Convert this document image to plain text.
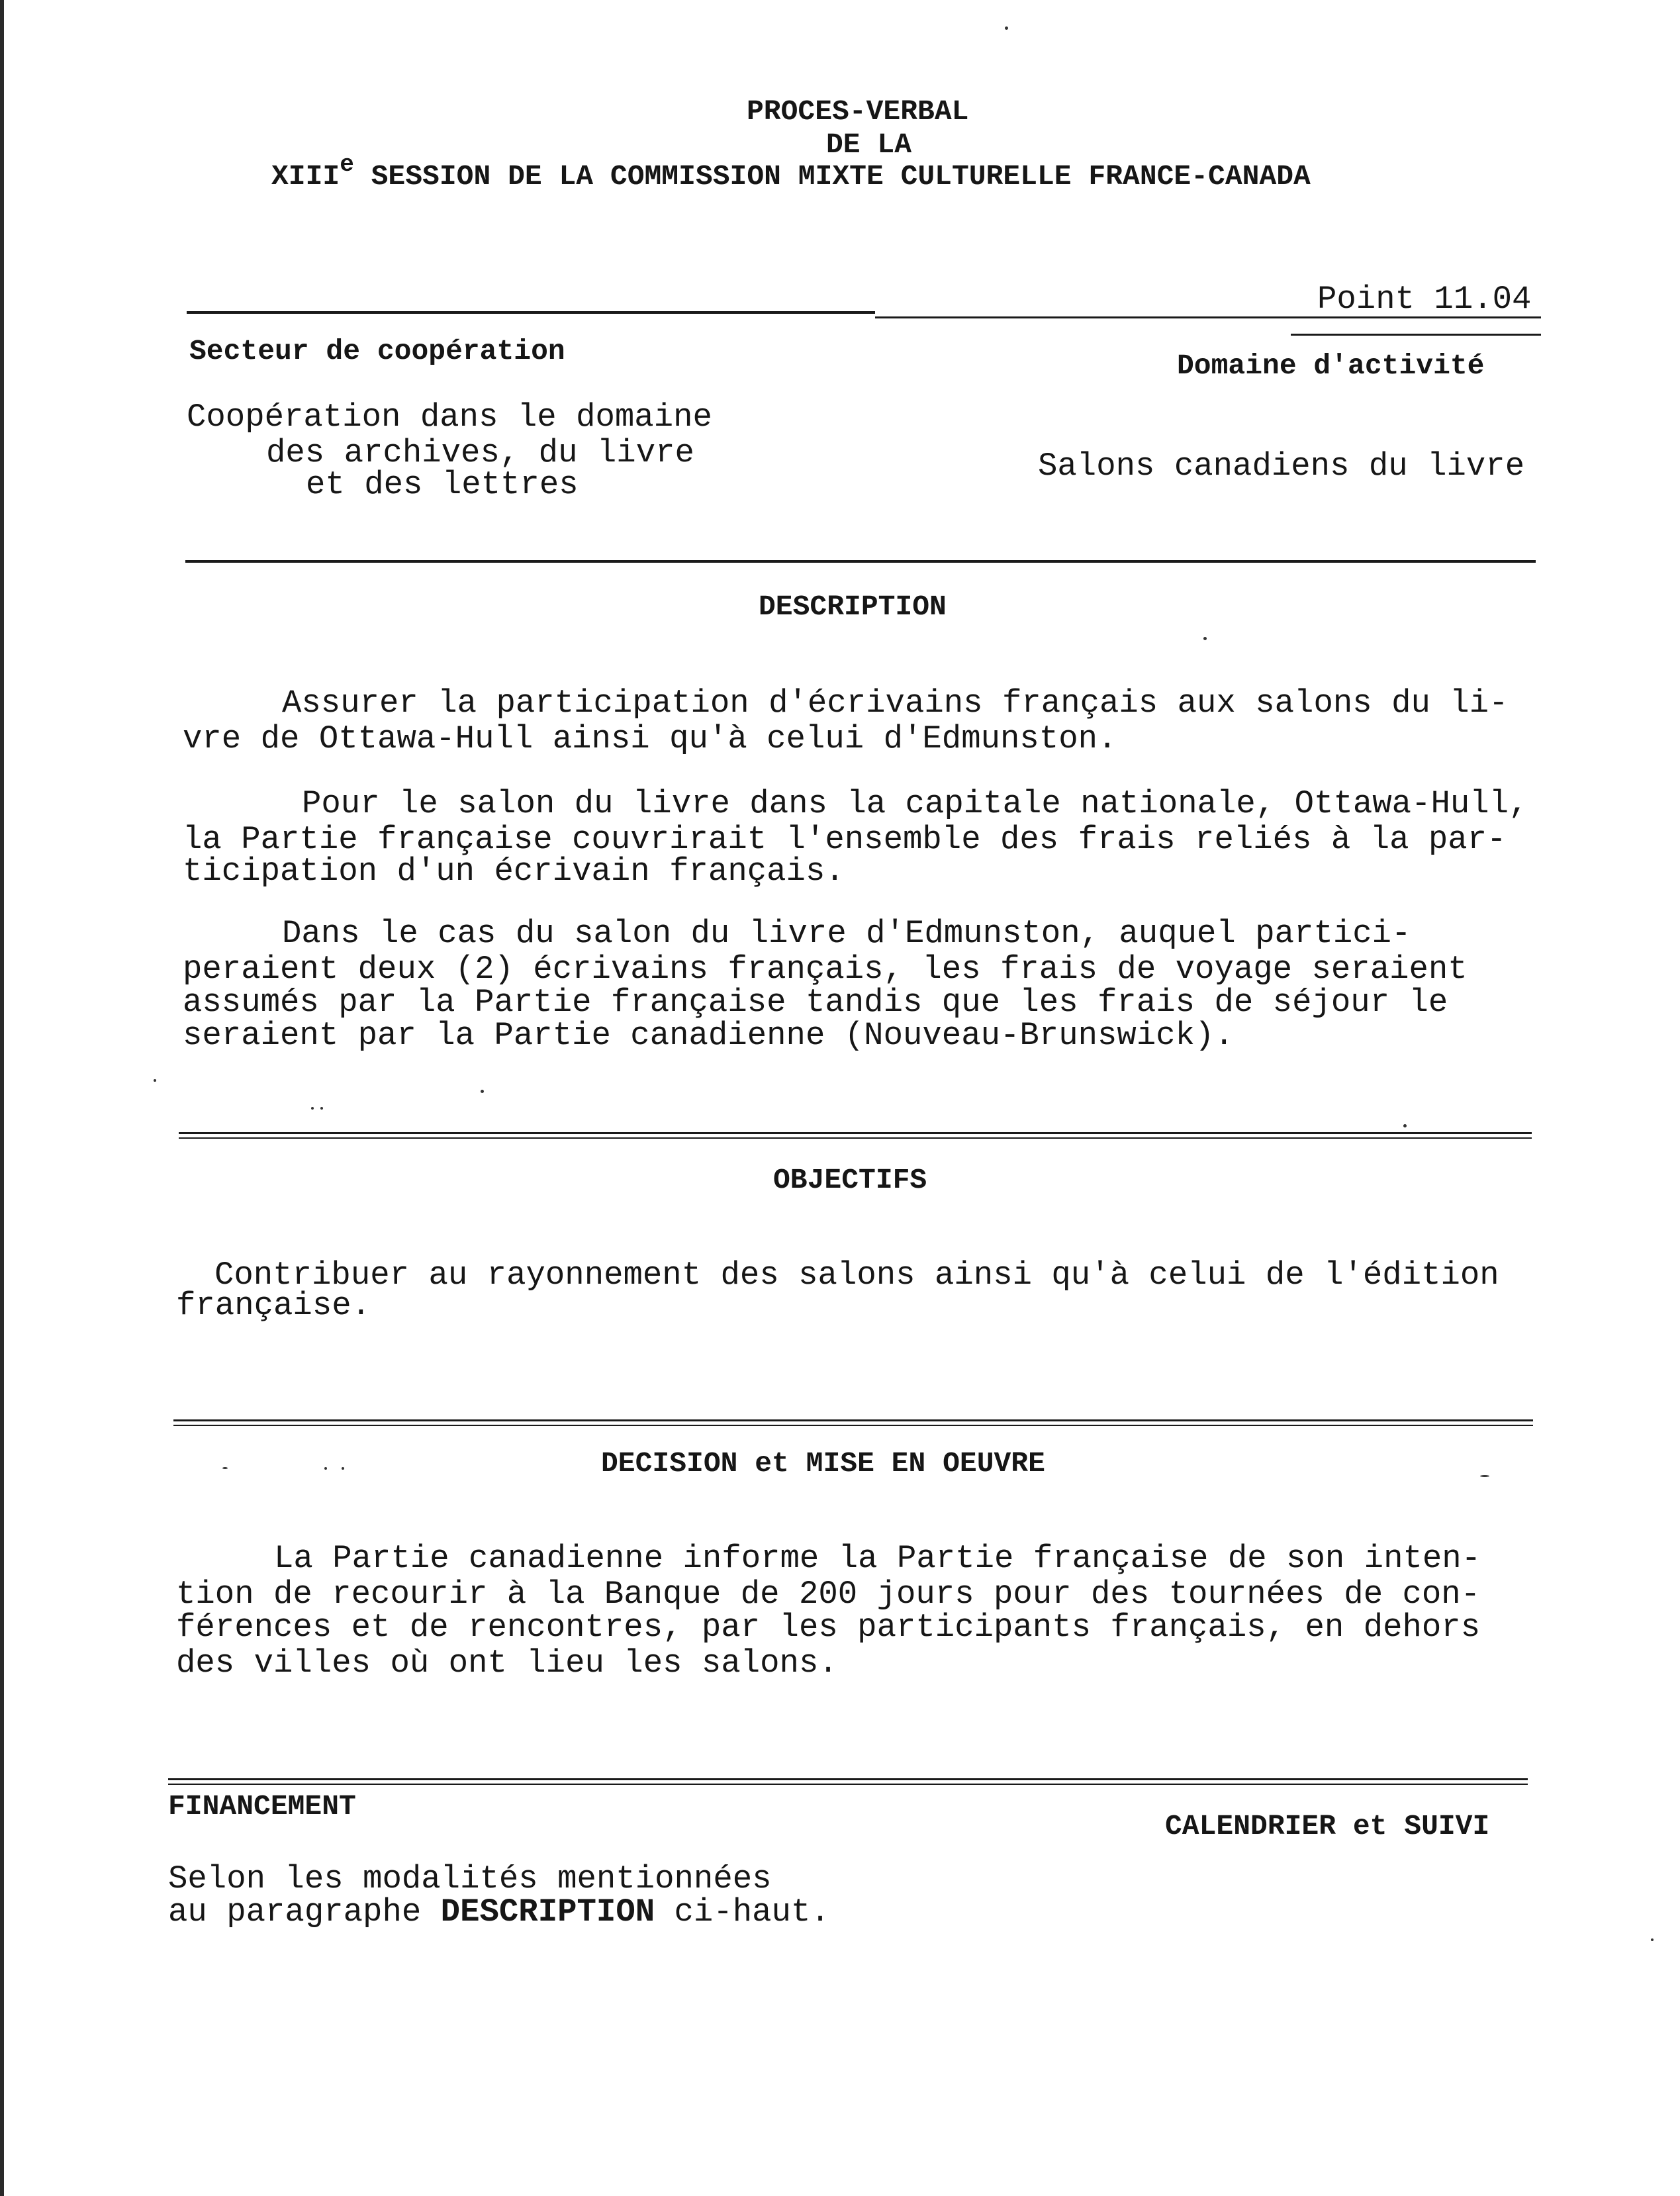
PROCES-VERBAL
DE LA
XIIIe SESSION DE LA COMMISSION MIXTE CULTURELLE FRANCE-CANADA
Point 11.04
Secteur de coopération	Domaine d'activité
Coopération dans le domaine
des archives, du livre
et des lettres	Salons canadiens du livre
DESCRIPTION
Assurer la participation d'écrivains français aux salons du li-
vre de Ottawa-Hull ainsi qu'à celui d'Edmunston.
Pour le salon du livre dans la capitale nationale, Ottawa-Hull,
la Partie française couvrirait l'ensemble des frais reliés à la par-
ticipation d'un écrivain français.
Dans le cas du salon du livre d'Edmunston, auquel partici-
peraient deux (2) écrivains français, les frais de voyage seraient
assumés par la Partie française tandis que les frais de séjour le
seraient par la Partie canadienne (Nouveau-Brunswick).
OBJECTIFS
Contribuer au rayonnement des salons ainsi qu'à celui de l'édition
française.
DECISION et MISE EN OEUVRE
La Partie canadienne informe la Partie française de son inten-
tion de recourir à la Banque de 200 jours pour des tournées de con-
férences et de rencontres, par les participants français, en dehors
des villes où ont lieu les salons.
FINANCEMENT
CALENDRIER et SUIVI
Selon les modalités mentionnées
au paragraphe DESCRIPTION ci-haut.
